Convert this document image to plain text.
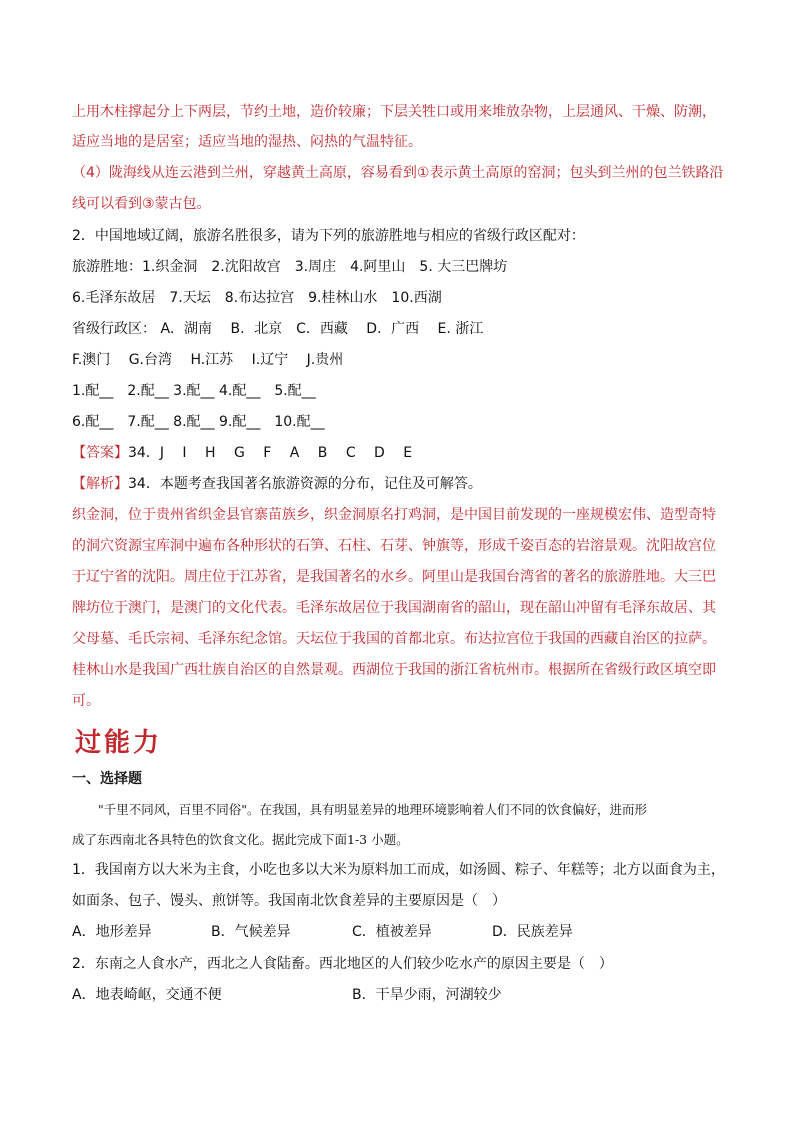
上用木柱撑起分上下两层，节约土地，造价较廉；下层关牲口或用来堆放杂物，上层通风、干燥、防潮，
适应当地的是居室；适应当地的湿热、闷热的气温特征。
（4）陇海线从连云港到兰州，穿越黄土高原，容易看到①表示黄土高原的窑洞；包头到兰州的包兰铁路沿
线可以看到③蒙古包。
2．中国地域辽阔，旅游名胜很多，请为下列的旅游胜地与相应的省级行政区配对：
旅游胜地：1.织金洞　2.沈阳故宫　3.周庄　4.阿里山　5. 大三巴牌坊
6.毛泽东故居　7.天坛　8.布达拉宫　9.桂林山水　10.西湖
省级行政区： A．湖南　 B．北京　C．西藏　 D．广西　 E. 浙江
F.澳门　 G.台湾　 H.江苏　 I.辽宁　 J.贵州
1.配__　2.配__ 3.配__ 4.配__　5.配__
6.配__　7.配__ 8.配__ 9.配__　10.配__
【答案】34．J　 I　 H　 G　 F　 A　 B　 C　 D　 E
【解析】34．本题考查我国著名旅游资源的分布，记住及可解答。
织金洞，位于贵州省织金县官寨苗族乡，织金洞原名打鸡洞，是中国目前发现的一座规模宏伟、造型奇特
的洞穴资源宝库洞中遍布各种形状的石笋、石柱、石芽、钟旗等，形成千姿百态的岩溶景观。沈阳故宫位
于辽宁省的沈阳。周庄位于江苏省，是我国著名的水乡。阿里山是我国台湾省的著名的旅游胜地。大三巴
牌坊位于澳门，是澳门的文化代表。毛泽东故居位于我国湖南省的韶山，现在韶山冲留有毛泽东故居、其
父母墓、毛氏宗祠、毛泽东纪念馆。天坛位于我国的首都北京。布达拉宫位于我国的西藏自治区的拉萨。
桂林山水是我国广西壮族自治区的自然景观。西湖位于我国的浙江省杭州市。根据所在省级行政区填空即
可。
过能力
一、选择题
"千里不同风，百里不同俗"。在我国，具有明显差异的地理环境影响着人们不同的饮食偏好，进而形
成了东西南北各具特色的饮食文化。据此完成下面1-3 小题。
1．我国南方以大米为主食，小吃也多以大米为原料加工而成，如汤圆、粽子、年糕等；北方以面食为主，
如面条、包子、馒头、煎饼等。我国南北饮食差异的主要原因是（　）
A．地形差异	B．气候差异	C．植被差异	D．民族差异
2．东南之人食水产，西北之人食陆畜。西北地区的人们较少吃水产的原因主要是（　）
A．地表崎岖，交通不便	B．干旱少雨，河湖较少
